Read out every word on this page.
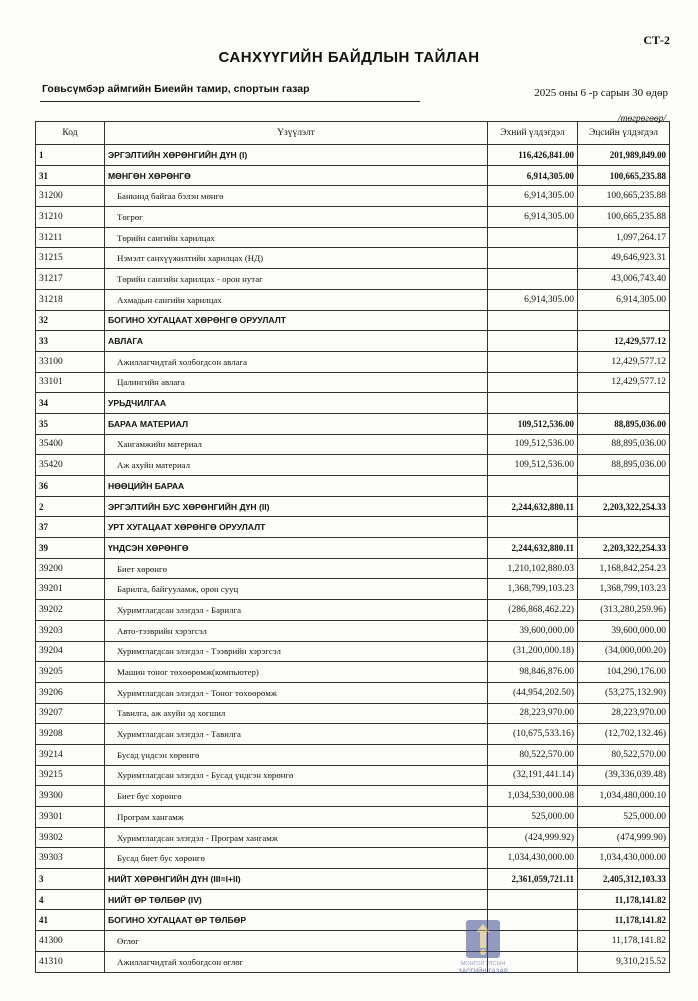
СТ-2
САНХҮҮГИЙН БАЙДЛЫН ТАЙЛАН
Говьсүмбэр аймгийн Биеийн тамир, спортын газар	2025 оны 6 -р сарын 30 өдөр
/төгрөгөөр/
Код	Үзүүлэлт	Эхний үлдэгдэл	Эцсийн үлдэгдэл
1	ЭРГЭЛТИЙН ХӨРӨНГИЙН ДҮН (I)	116,426,841.00	201,989,849.00
31	МӨНГӨН ХӨРӨНГӨ	6,914,305.00	100,665,235.88
31200	Банкинд байгаа бэлэн мөнгө	6,914,305.00	100,665,235.88
31210	Төгрөг	6,914,305.00	100,665,235.88
31211	Төрийн сангийн харилцах		1,097,264.17
31215	Нэмэлт санхүүжилтийн харилцах (НД)		49,646,923.31
31217	Төрийн сангийн харилцах - орон нутаг		43,006,743.40
31218	Ахмадын сангийн харилцах	6,914,305.00	6,914,305.00
32	БОГИНО ХУГАЦААТ ХӨРӨНГӨ ОРУУЛАЛТ		
33	АВЛАГА		12,429,577.12
33100	Ажиллагчидтай холбогдсон авлага		12,429,577.12
33101	Цалингийн авлага		12,429,577.12
34	УРЬДЧИЛГАА		
35	БАРАА МАТЕРИАЛ	109,512,536.00	88,895,036.00
35400	Хангамжийн материал	109,512,536.00	88,895,036.00
35420	Аж ахуйн материал	109,512,536.00	88,895,036.00
36	НӨӨЦИЙН БАРАА		
2	ЭРГЭЛТИЙН БУС ХӨРӨНГИЙН ДҮН (II)	2,244,632,880.11	2,203,322,254.33
37	УРТ ХУГАЦААТ ХӨРӨНГӨ ОРУУЛАЛТ		
39	ҮНДСЭН ХӨРӨНГӨ	2,244,632,880.11	2,203,322,254.33
39200	Биет хөрөнгө	1,210,102,880.03	1,168,842,254.23
39201	Барилга, байгууламж, орон сууц	1,368,799,103.23	1,368,799,103.23
39202	Хуримтлагдсан элэгдэл - Барилга	(286,868,462.22)	(313,280,259.96)
39203	Авто-тээврийн хэрэгсэл	39,600,000.00	39,600,000.00
39204	Хуримтлагдсан элэгдэл - Тээврийн хэрэгсэл	(31,200,000.18)	(34,000,000.20)
39205	Машин тоног төхөөрөмж(компьютер)	98,846,876.00	104,290,176.00
39206	Хуримтлагдсан элэгдэл - Тоног төхөөрөмж	(44,954,202.50)	(53,275,132.90)
39207	Тавилга, аж ахуйн эд хогшил	28,223,970.00	28,223,970.00
39208	Хуримтлагдсан элэгдэл - Тавилга	(10,675,533.16)	(12,702,132.46)
39214	Бусад үндсэн хөрөнгө	80,522,570.00	80,522,570.00
39215	Хуримтлагдсан элэгдэл - Бусад үндсэн хөрөнгө	(32,191,441.14)	(39,336,039.48)
39300	Биет бус хөрөнгө	1,034,530,000.08	1,034,480,000.10
39301	Програм хангамж	525,000.00	525,000.00
39302	Хуримтлагдсан элэгдэл - Програм хангамж	(424,999.92)	(474,999.90)
39303	Бусад биет бус хөрөнгө	1,034,430,000.00	1,034,430,000.00
3	НИЙТ ХӨРӨНГИЙН ДҮН (III=I+II)	2,361,059,721.11	2,405,312,103.33
4	НИЙТ ӨР ТӨЛБӨР (IV)		11,178,141.82
41	БОГИНО ХУГАЦААТ ӨР ТӨЛБӨР		11,178,141.82
41300	Өглөг		11,178,141.82
41310	Ажиллагчидтай холбогдсон өглөг		9,310,215.52
МОНГОЛ УЛСЫН
ЗАСГИЙН ГАЗАР
